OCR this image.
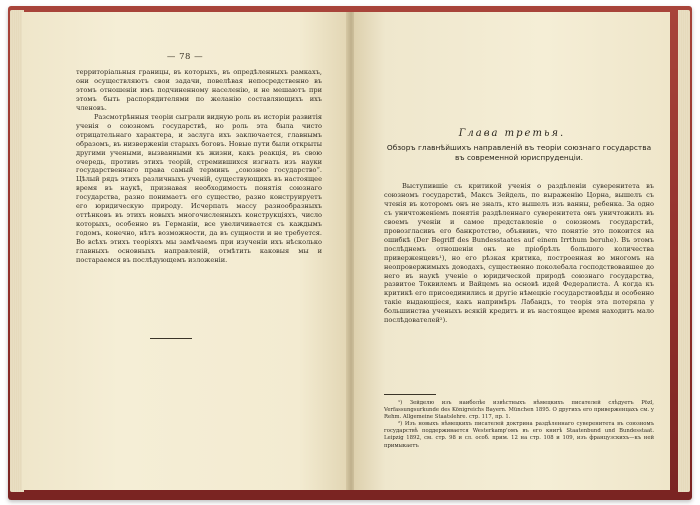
— 78 —

территоріальныя границы, въ которыхъ, въ опредѣленныхъ рамкахъ, они осуществляютъ свои задачи, повелѣвая непосредственно въ этомъ отношеніи имъ подчиненному населенію, и не мешаютъ при этомъ быть распорядителями по желанію составляющихъ ихъ членовъ.

Разсмотрѣнныя теоріи сыграли видную роль въ исторіи развитія ученія о союзномъ государствѣ, но роль эта была чисто отрицательнаго характера, и заслуга ихъ заключается, главнымъ образомъ, въ низверженіи старыхъ боговъ. Новые пути были открыты другими учеными, вызванными къ жизни, какъ реакція, въ свою очередь, противъ этихъ теорій, стремившихся изгнать изъ науки государственнаго права самый терминъ „союзное государство“. Цѣлый рядъ этихъ различныхъ ученій, существующихъ въ настоящее время въ наукѣ, признавая необходимость понятія союзнаго государства, разно понимаетъ его существо, разно конструируетъ его юридическую природу. Исчерпать массу разнообразныхъ оттѣнковъ въ этихъ новыхъ многочисленныхъ конструкціяхъ, число которыхъ, особенно въ Германіи, все увеличивается съ каждымъ годомъ, конечно, нѣтъ возможности, да въ сущности и не требуется. Во всѣхъ этихъ теоріяхъ мы замѣчаемъ при изученіи ихъ нѣсколько главныхъ основныхъ направленій, отмѣтить каковыя мы и постараемся въ послѣдующемъ изложеніи.

Глава третья.
Обзоръ главнѣйшихъ направленій въ теоріи союзнаго государства въ современной юриспруденціи.

Выступившіе съ критикой ученія о раздѣленіи суверенитета въ союзномъ государствѣ, Максъ Зейдель, по выраженію Цорна, вышелъ съ чтенія въ которомъ онъ не зналъ, кто вышелъ изъ ванны, ребенка. За одно съ уничтоженіемъ понятія раздѣленнаго суверенитета онъ уничтожилъ въ своемъ ученіи и самое представленіе о союзномъ государствѣ, провозгласивъ его банкротство, объявивъ, что понятіе это покоится на ошибкѣ (Der Begriff des Bundesstaates auf einem Irrthum beruhe). Въ этомъ послѣднемъ отношеніи онъ не пріобрѣлъ большого количества приверженцевъ¹), но его рѣзкая критика, построенная во многомъ на неопровержимыхъ доводахъ, существенно поколебала господствовавшее до него въ наукѣ ученіе о юридической природѣ союзнаго государства, развитое Токвилемъ и Вайцемъ на основѣ идей Федералиста. А когда къ критикѣ его присоединились и другіе нѣмецкіе государствовѣды и особенно такіе выдающіеся, какъ напримѣръ Лабандъ, то теорія эта потеряла у большинства ученыхъ всякій кредитъ и въ настоящее время находитъ мало послѣдователей²).

¹) Зейделю изъ наиболѣе извѣстныхъ нѣмецкихъ писателей слѣдуетъ Pözl, Verfassungsurkunde des Königreichs Bayern. München 1895. О другихъ его приверженцахъ см. у Rehm. Allgemeine Staatslehre. стр. 117, пр. 1.

²) Изъ новыхъ нѣмецкихъ писателей доктрина раздѣленнаго суверенитета въ союзномъ государствѣ поддерживается Westerkamp'омъ въ его книгѣ Staatenbund und Bundesstaat. Leipzig 1892, см. стр. 98 и сл. особ. прим. 12 на стр. 108 и 109, изъ французскихъ—къ ней примыкаетъ
